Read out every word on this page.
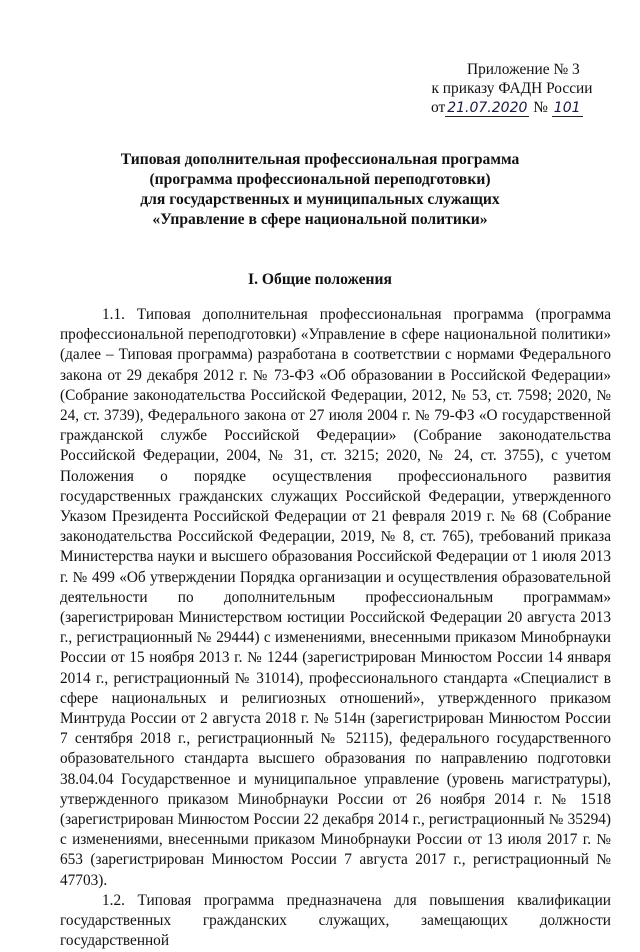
Приложение № 3
к приказу ФАДН России
от 21.07.2020 № 101
Типовая дополнительная профессиональная программа
(программа профессиональной переподготовки)
для государственных и муниципальных служащих
«Управление в сфере национальной политики»
I. Общие положения

1.1. Типовая дополнительная профессиональная программа (программа профессиональной переподготовки) «Управление в сфере национальной политики» (далее – Типовая программа) разработана в соответствии с нормами Федерального закона от 29 декабря 2012 г. № 73-ФЗ «Об образовании в Российской Федерации» (Собрание законодательства Российской Федерации, 2012, № 53, ст. 7598; 2020, № 24, ст. 3739), Федерального закона от 27 июля 2004 г. № 79-ФЗ «О государственной гражданской службе Российской Федерации» (Собрание законодательства Российской Федерации, 2004, № 31, ст. 3215; 2020, № 24, ст. 3755), с учетом Положения о порядке осуществления профессионального развития государственных гражданских служащих Российской Федерации, утвержденного Указом Президента Российской Федерации от 21 февраля 2019 г. № 68 (Собрание законодательства Российской Федерации, 2019, № 8, ст. 765), требований приказа Министерства науки и высшего образования Российской Федерации от 1 июля 2013 г. № 499 «Об утверждении Порядка организации и осуществления образовательной деятельности по дополнительным профессиональным программам» (зарегистрирован Министерством юстиции Российской Федерации 20 августа 2013 г., регистрационный № 29444) с изменениями, внесенными приказом Минобрнауки России от 15 ноября 2013 г. № 1244 (зарегистрирован Минюстом России 14 января 2014 г., регистрационный № 31014), профессионального стандарта «Специалист в сфере национальных и религиозных отношений», утвержденного приказом Минтруда России от 2 августа 2018 г. № 514н (зарегистрирован Минюстом России 7 сентября 2018 г., регистрационный № 52115), федерального государственного образовательного стандарта высшего образования по направлению подготовки 38.04.04 Государственное и муниципальное управление (уровень магистратуры), утвержденного приказом Минобрнауки России от 26 ноября 2014 г. № 1518 (зарегистрирован Минюстом России 22 декабря 2014 г., регистрационный № 35294) с изменениями, внесенными приказом Минобрнауки России от 13 июля 2017 г. № 653 (зарегистрирован Минюстом России 7 августа 2017 г., регистрационный № 47703).

1.2. Типовая программа предназначена для повышения квалификации государственных гражданских служащих, замещающих должности государственной
